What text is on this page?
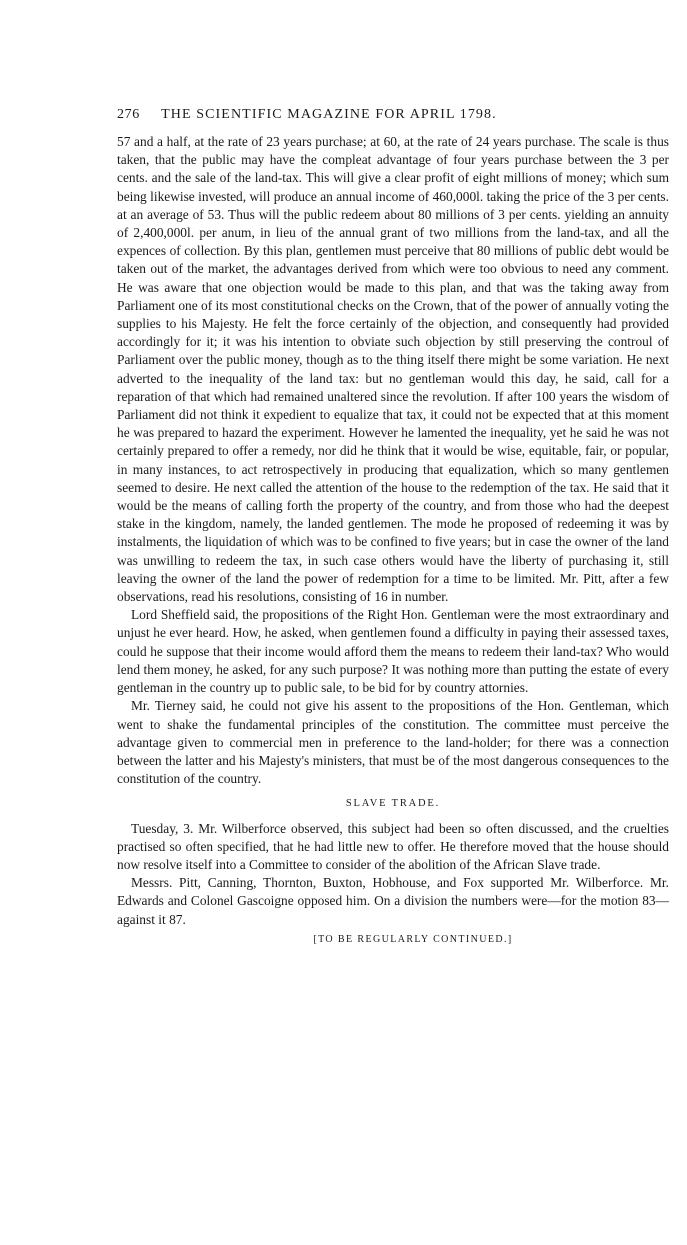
276 THE SCIENTIFIC MAGAZINE FOR APRIL 1798.

57 and a half, at the rate of 23 years purchase; at 60, at the rate of 24 years purchase. The scale is thus taken, that the public may have the compleat advantage of four years purchase between the 3 per cents. and the sale of the land-tax. This will give a clear profit of eight millions of money; which sum being likewise invested, will produce an annual income of 460,000l. taking the price of the 3 per cents. at an average of 53. Thus will the public redeem about 80 millions of 3 per cents. yielding an annuity of 2,400,000l. per anum, in lieu of the annual grant of two millions from the land-tax, and all the expences of collection. By this plan, gentlemen must perceive that 80 millions of public debt would be taken out of the market, the advantages derived from which were too obvious to need any comment. He was aware that one objection would be made to this plan, and that was the taking away from Parliament one of its most constitutional checks on the Crown, that of the power of annually voting the supplies to his Majesty. He felt the force certainly of the objection, and consequently had provided accordingly for it; it was his intention to obviate such objection by still preserving the controul of Parliament over the public money, though as to the thing itself there might be some variation. He next adverted to the inequality of the land tax: but no gentleman would this day, he said, call for a reparation of that which had remained unaltered since the revolution. If after 100 years the wisdom of Parliament did not think it expedient to equalize that tax, it could not be expected that at this moment he was prepared to hazard the experiment. However he lamented the inequality, yet he said he was not certainly prepared to offer a remedy, nor did he think that it would be wise, equitable, fair, or popular, in many instances, to act retrospectively in producing that equalization, which so many gentlemen seemed to desire. He next called the attention of the house to the redemption of the tax. He said that it would be the means of calling forth the property of the country, and from those who had the deepest stake in the kingdom, namely, the landed gentlemen. The mode he proposed of redeeming it was by instalments, the liquidation of which was to be confined to five years; but in case the owner of the land was unwilling to redeem the tax, in such case others would have the liberty of purchasing it, still leaving the owner of the land the power of redemption for a time to be limited. Mr. Pitt, after a few observations, read his resolutions, consisting of 16 in number.

Lord Sheffield said, the propositions of the Right Hon. Gentleman were the most extraordinary and unjust he ever heard. How, he asked, when gentlemen found a difficulty in paying their assessed taxes, could he suppose that their income would afford them the means to redeem their land-tax? Who would lend them money, he asked, for any such purpose? It was nothing more than putting the estate of every gentleman in the country up to public sale, to be bid for by country attornies.

Mr. Tierney said, he could not give his assent to the propositions of the Hon. Gentleman, which went to shake the fundamental principles of the constitution. The committee must perceive the advantage given to commercial men in preference to the land-holder; for there was a connection between the latter and his Majesty's ministers, that must be of the most dangerous consequences to the constitution of the country.

SLAVE TRADE.

Tuesday, 3. Mr. Wilberforce observed, this subject had been so often discussed, and the cruelties practised so often specified, that he had little new to offer. He therefore moved that the house should now resolve itself into a Committee to consider of the abolition of the African Slave trade.

Messrs. Pitt, Canning, Thornton, Buxton, Hobhouse, and Fox supported Mr. Wilberforce. Mr. Edwards and Colonel Gascoigne opposed him. On a division the numbers were—for the motion 83—against it 87.

[TO BE REGULARLY CONTINUED.]
